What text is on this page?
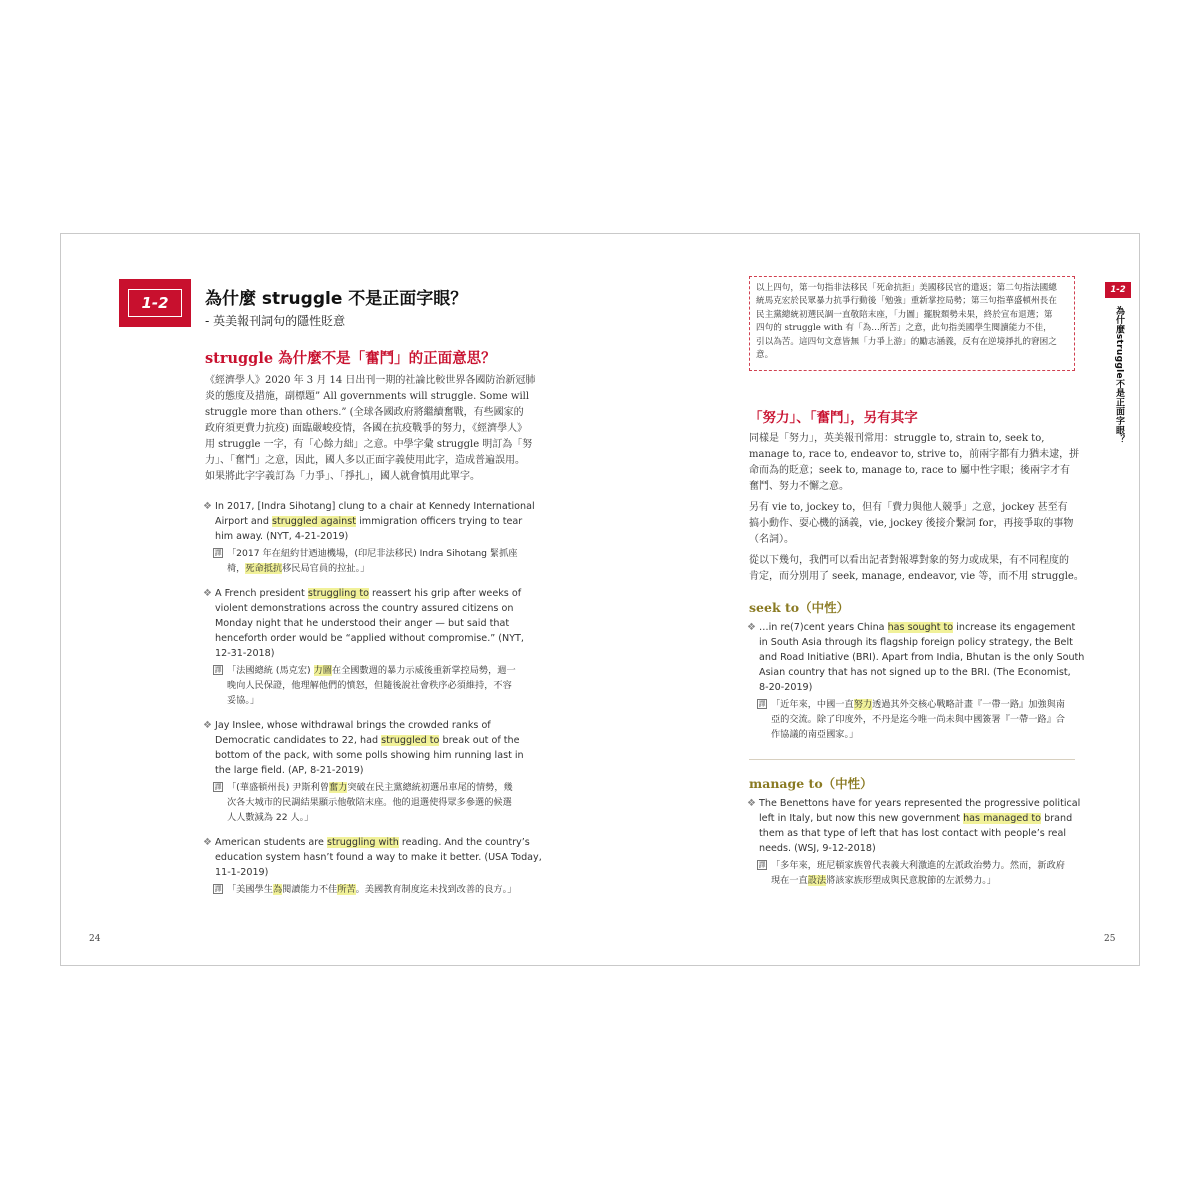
1-2	為什麼 struggle 不是正面字眼？
- 英美報刊詞句的隱性貶意
struggle 為什麼不是「奮鬥」的正面意思？
《經濟學人》2020 年 3 月 14 日出刊一期的社論比較世界各國防治新冠肺
炎的態度及措施，副標題” All governments will struggle. Some will
struggle more than others.” (全球各國政府將繼續奮戰，有些國家的
政府須更費力抗疫) 面臨嚴峻疫情，各國在抗疫戰爭的努力，《經濟學人》
用 struggle 一字，有「心餘力絀」之意。中學字彙 struggle 明訂為「努
力」、「奮鬥」之意，因此，國人多以正面字義使用此字，造成普遍誤用。
如果將此字字義訂為「力爭」、「掙扎」，國人就會慎用此單字。
❖ In 2017, [Indra Sihotang] clung to a chair at Kennedy International
Airport and struggled against immigration officers trying to tear
him away. (NYT, 4-21-2019)
譯 「2017 年在紐約甘迺迪機場，(印尼非法移民) Indra Sihotang 緊抓座
椅，死命抵抗移民局官員的拉扯。」
❖ A French president struggling to reassert his grip after weeks of
violent demonstrations across the country assured citizens on
Monday night that he understood their anger — but said that
henceforth order would be “applied without compromise.” (NYT,
12-31-2018)
譯 「法國總統 (馬克宏) 力圖在全國數週的暴力示威後重新掌控局勢，週一
晚向人民保證，他理解他們的憤怒，但隨後說社會秩序必須維持，不容
妥協。」
❖ Jay Inslee, whose withdrawal brings the crowded ranks of
Democratic candidates to 22, had struggled to break out of the
bottom of the pack, with some polls showing him running last in
the large field. (AP, 8-21-2019)
譯 「(華盛頓州長) 尹斯利曾奮力突破在民主黨總統初選吊車尾的情勢，幾
次各大城市的民調結果顯示他敬陪末座。他的退選使得眾多參選的候選
人人數減為 22 人。」
❖ American students are struggling with reading. And the country’s
education system hasn’t found a way to make it better. (USA Today,
11-1-2019)
譯 「美國學生為閱讀能力不佳所苦。美國教育制度迄未找到改善的良方。」
24
以上四句，第一句指非法移民「死命抗拒」美國移民官的遣返；第二句指法國總
統馬克宏於民眾暴力抗爭行動後「勉強」重新掌控局勢；第三句指華盛頓州長在
民主黨總統初選民調一直敬陪末座，「力圖」擺脫頹勢未果，終於宣布退選；第
四句的 struggle with 有「為…所苦」之意，此句指美國學生閱讀能力不佳，
引以為苦。這四句文意皆無「力爭上游」的勵志涵義，反有在逆境掙扎的窘困之
意。
「努力」、「奮鬥」，另有其字
同樣是「努力」，英美報刊常用：struggle to, strain to, seek to,
manage to, race to, endeavor to, strive to，前兩字都有力猶未逮，拼
命而為的貶意；seek to, manage to, race to 屬中性字眼；後兩字才有
奮鬥、努力不懈之意。
另有 vie to, jockey to，但有「費力與他人競爭」之意，jockey 甚至有
搞小動作、耍心機的涵義，vie, jockey 後接介繫詞 for，再接爭取的事物
（名詞）。
從以下幾句，我們可以看出記者對報導對象的努力或成果，有不同程度的
肯定，而分別用了 seek, manage, endeavor, vie 等，而不用 struggle。
seek to（中性）
❖ …in re(7)cent years China has sought to increase its engagement
in South Asia through its flagship foreign policy strategy, the Belt
and Road Initiative (BRI). Apart from India, Bhutan is the only South
Asian country that has not signed up to the BRI. (The Economist,
8-20-2019)
譯 「近年來，中國一直努力透過其外交核心戰略計畫『一帶一路』加強與南
亞的交流。除了印度外，不丹是迄今唯一尚未與中國簽署『一帶一路』合
作協議的南亞國家。」
manage to（中性）
❖ The Benettons have for years represented the progressive political
left in Italy, but now this new government has managed to brand
them as that type of left that has lost contact with people’s real
needs. (WSJ, 9-12-2018)
譯 「多年來，班尼頓家族曾代表義大利激進的左派政治勢力。然而，新政府
現在一直設法將該家族形塑成與民意脫節的左派勢力。」
25
1-2
為什麼struggle不是正面字眼？
